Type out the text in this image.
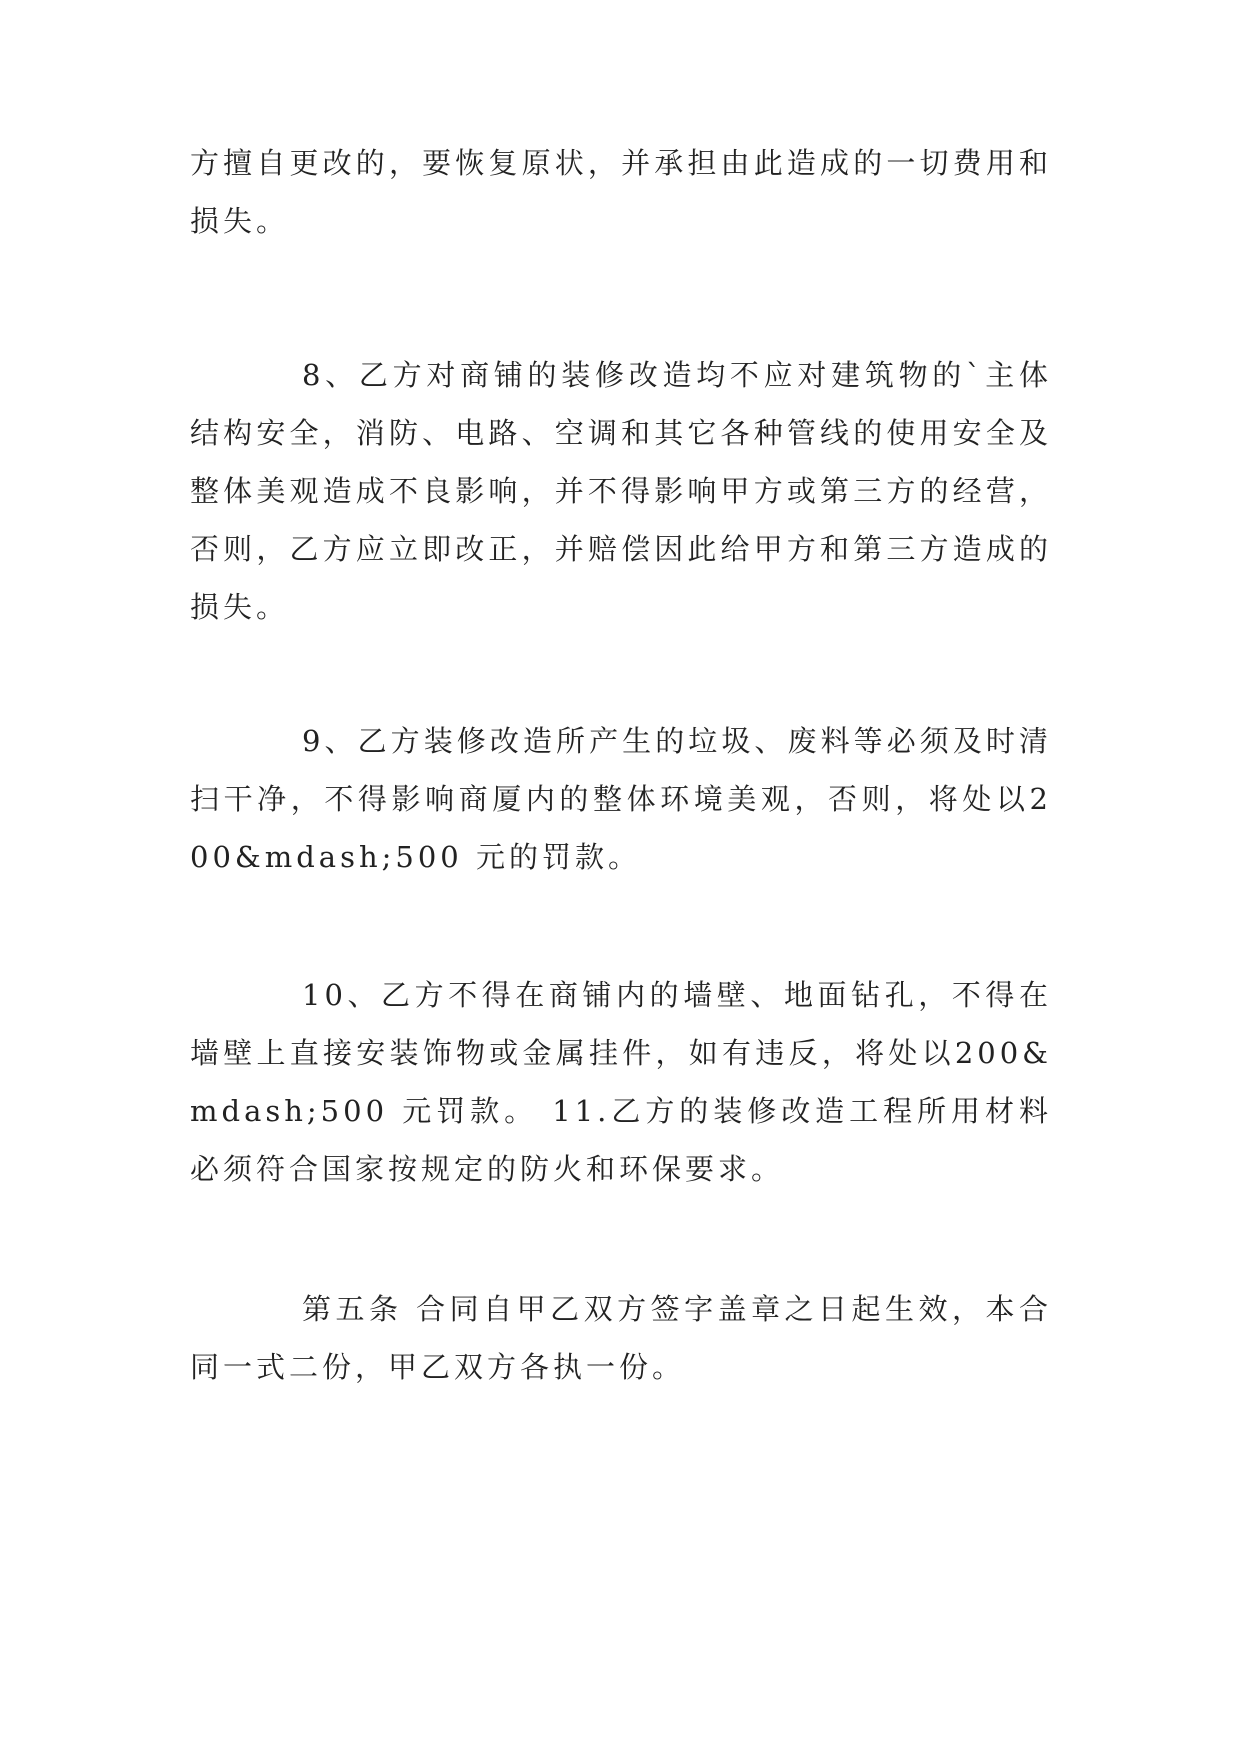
方擅自更改的，要恢复原状，并承担由此造成的一切费用和损失。

8、乙方对商铺的装修改造均不应对建筑物的`主体结构安全，消防、电路、空调和其它各种管线的使用安全及整体美观造成不良影响，并不得影响甲方或第三方的经营，否则，乙方应立即改正，并赔偿因此给甲方和第三方造成的损失。

9、乙方装修改造所产生的垃圾、废料等必须及时清扫干净，不得影响商厦内的整体环境美观，否则，将处以200&mdash;500 元的罚款。

10、乙方不得在商铺内的墙壁、地面钻孔，不得在墙壁上直接安装饰物或金属挂件，如有违反，将处以200&mdash;500 元罚款。 11.乙方的装修改造工程所用材料必须符合国家按规定的防火和环保要求。

第五条 合同自甲乙双方签字盖章之日起生效，本合同一式二份，甲乙双方各执一份。
